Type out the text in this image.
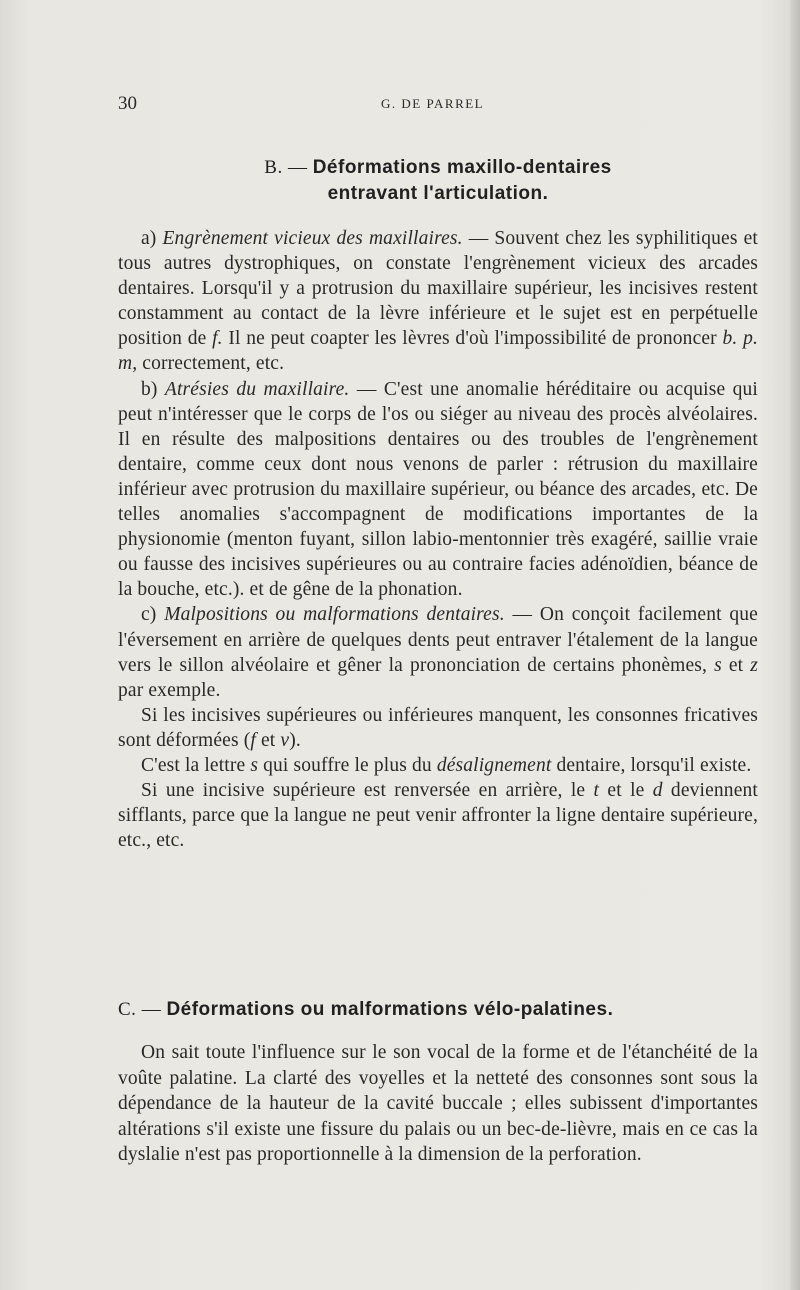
30	G. DE PARREL
B. — Déformations maxillo-dentaires
entravant l'articulation.

a) Engrènement vicieux des maxillaires. — Souvent chez les syphilitiques et tous autres dystrophiques, on constate l'engrènement vicieux des arcades dentaires. Lorsqu'il y a protrusion du maxillaire supérieur, les incisives restent constamment au contact de la lèvre inférieure et le sujet est en perpétuelle position de f. Il ne peut coapter les lèvres d'où l'impossibilité de prononcer b. p. m, correctement, etc.

b) Atrésies du maxillaire. — C'est une anomalie héréditaire ou acquise qui peut n'intéresser que le corps de l'os ou siéger au niveau des procès alvéolaires. Il en résulte des malpositions dentaires ou des troubles de l'engrènement dentaire, comme ceux dont nous venons de parler : rétrusion du maxillaire inférieur avec protrusion du maxillaire supérieur, ou béance des arcades, etc. De telles anomalies s'accompagnent de modifications importantes de la physionomie (menton fuyant, sillon labio-mentonnier très exagéré, saillie vraie ou fausse des incisives supérieures ou au contraire facies adénoïdien, béance de la bouche, etc.). et de gêne de la phonation.

c) Malpositions ou malformations dentaires. — On conçoit facilement que l'éversement en arrière de quelques dents peut entraver l'étalement de la langue vers le sillon alvéolaire et gêner la prononciation de certains phonèmes, s et z par exemple.

Si les incisives supérieures ou inférieures manquent, les consonnes fricatives sont déformées (f et v).

C'est la lettre s qui souffre le plus du désalignement dentaire, lorsqu'il existe.

Si une incisive supérieure est renversée en arrière, le t et le d deviennent sifflants, parce que la langue ne peut venir affronter la ligne dentaire supérieure, etc., etc.

C. — Déformations ou malformations vélo-palatines.

On sait toute l'influence sur le son vocal de la forme et de l'étanchéité de la voûte palatine. La clarté des voyelles et la netteté des consonnes sont sous la dépendance de la hauteur de la cavité buccale ; elles subissent d'importantes altérations s'il existe une fissure du palais ou un bec-de-lièvre, mais en ce cas la dyslalie n'est pas proportionnelle à la dimension de la perforation.
